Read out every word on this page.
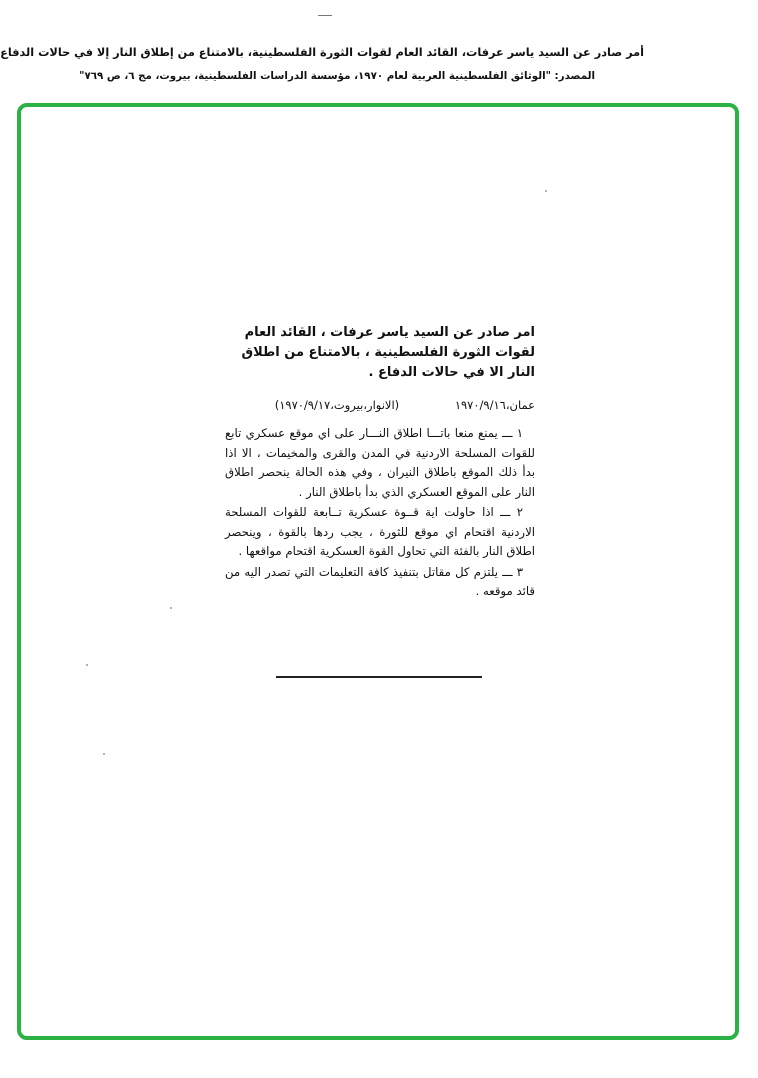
أمر صادر عن السيد ياسر عرفات، القائد العام لقوات الثورة الفلسطينية، بالامتناع من إطلاق النار إلا في حالات الدفاع
المصدر: "الوثائق الفلسطينية العربية لعام ١٩٧٠، مؤسسة الدراسات الفلسطينية، بيروت، مج ٦، ص ٧٦٩"
امر صادر عن السيد ياسر عرفات ، القائد العام لقوات الثورة الفلسطينية ، بالامتناع من اطلاق النار الا في حالات الدفاع .
عمان،١٩٧٠/٩/١٦ (الانوار،بيروت،١٩٧٠/٩/١٧)

١ ـــ يمنع منعا باتـــا اطلاق النـــار على اي موقع عسكري تابع للقوات المسلحة الاردنية في المدن والقرى والمخيمات ، الا اذا بدأ ذلك الموقع باطلاق النيران ، وفي هذه الحالة ينحصر اطلاق النار على الموقع العسكري الذي بدأ باطلاق النار .

٢ ـــ اذا حاولت اية قــوة عسكرية تــابعة للقوات المسلحة الاردنية اقتحام اي موقع للثورة ، يجب ردها بالقوة ، وينحصر اطلاق النار بالفئة التي تحاول القوة العسكرية اقتحام مواقعها .

٣ ـــ يلتزم كل مقاتل بتنفيذ كافة التعليمات التي تصدر اليه من قائد موقعه .
